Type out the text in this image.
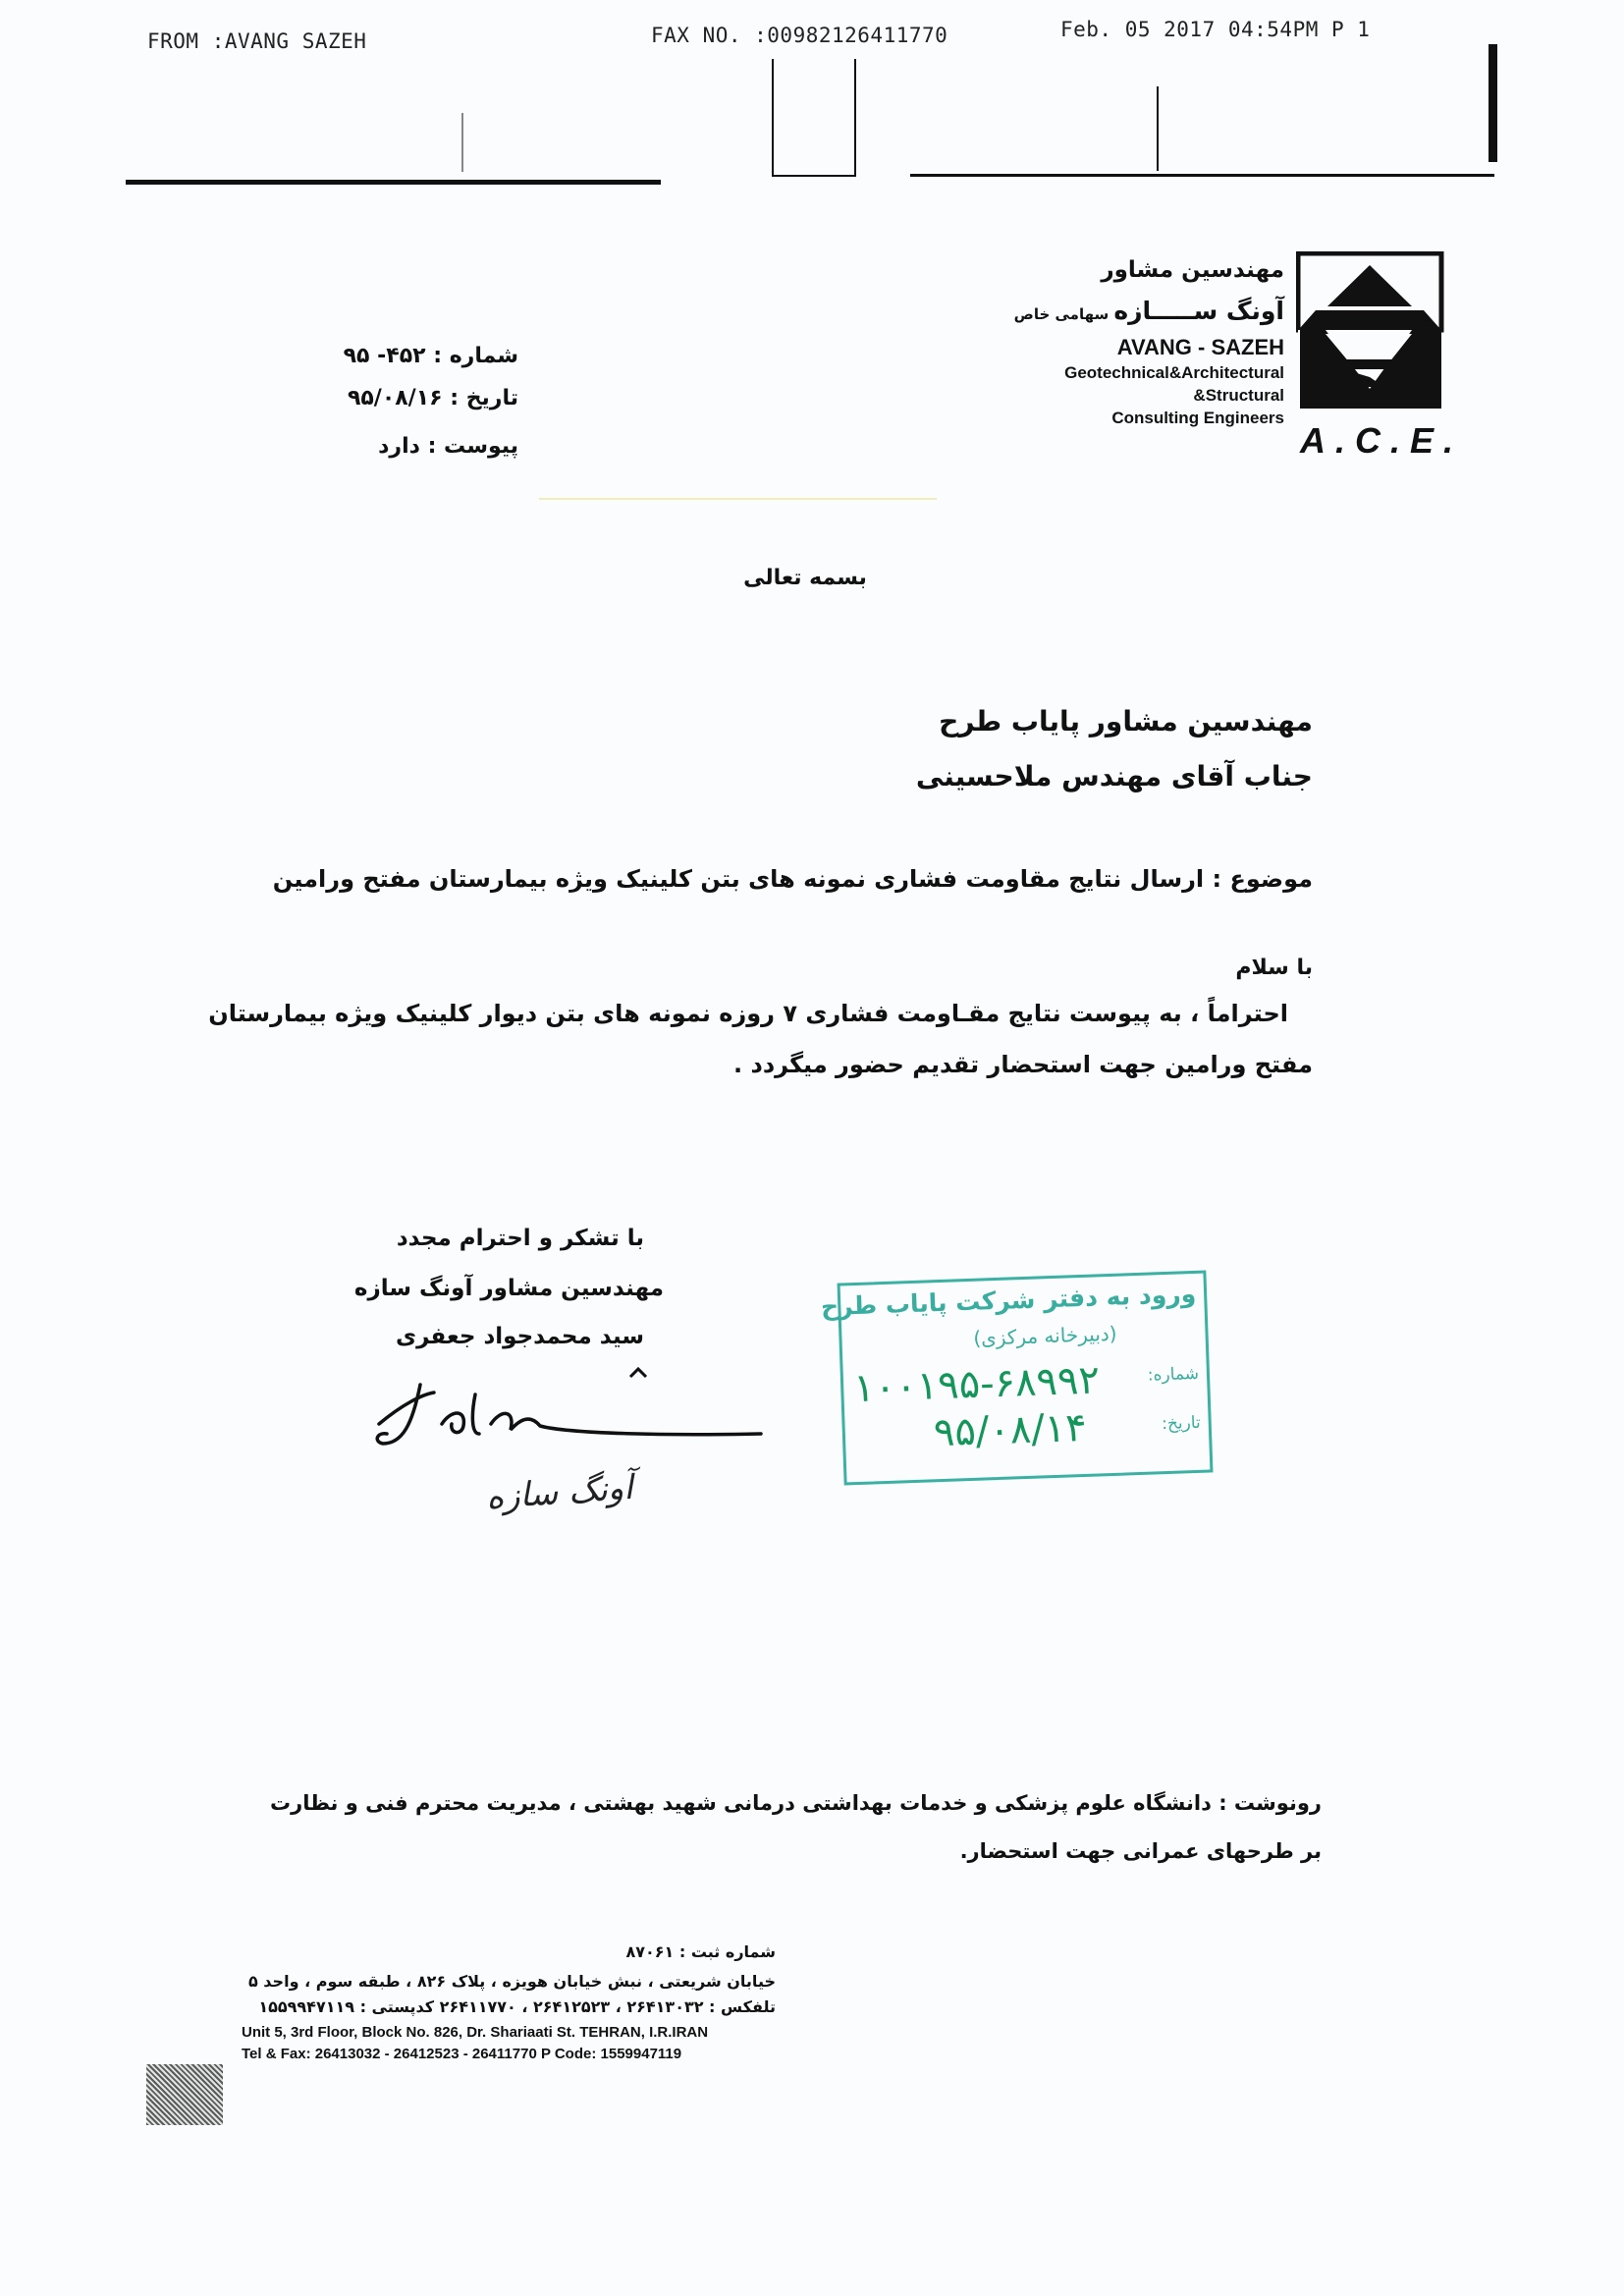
FROM :AVANG SAZEH	FAX NO. :00982126411770	Feb. 05 2017 04:54PM P 1
مهندسین مشاور
آونگ ســـــازه سهامی خاص
AVANG - SAZEH
Geotechnical&Architectural
&Structural
Consulting Engineers
A.C.E.
شماره : ۴۵۲- ۹۵
تاریخ : ۹۵/۰۸/۱۶
پیوست : دارد
بسمه تعالی
مهندسین مشاور پایاب طرح
جناب آقای مهندس ملاحسینی
موضوع : ارسال نتایج مقاومت فشاری نمونه های بتن کلینیک ویژه بیمارستان مفتح ورامین
با سلام
احتراماً ، به پیوست نتایج مقـاومت فشاری ۷ روزه نمونه های بتن دیوار کلینیک ویژه بیمارستان
مفتح ورامین جهت استحضار تقدیم حضور میگردد .
با تشکر و احترام مجدد
مهندسین مشاور آونگ سازه
سید محمدجواد جعفری
آونگ سازه
ورود به دفتر شرکت پایاب طرح
(دبیرخانه مرکزی)
شماره:
۱۰۰۱۹۵-۶۸۹۹۲
تاریخ:
۹۵/۰۸/۱۴
رونوشت : دانشگاه علوم پزشکی و خدمات بهداشتی درمانی شهید بهشتی ، مدیریت محترم فنی و نظارت
بر طرحهای عمرانی جهت استحضار.
شماره ثبت : ۸۷۰۶۱
خیابان شریعتی ، نبش خیابان هویزه ، پلاک ۸۲۶ ، طبقه سوم ، واحد ۵
تلفکس : ۲۶۴۱۳۰۳۲ ، ۲۶۴۱۲۵۲۳ ، ۲۶۴۱۱۷۷۰ کدپستی : ۱۵۵۹۹۴۷۱۱۹
Unit 5, 3rd Floor, Block No. 826, Dr. Shariaati St. TEHRAN, I.R.IRAN
Tel & Fax: 26413032 - 26412523 - 26411770 P Code: 1559947119
